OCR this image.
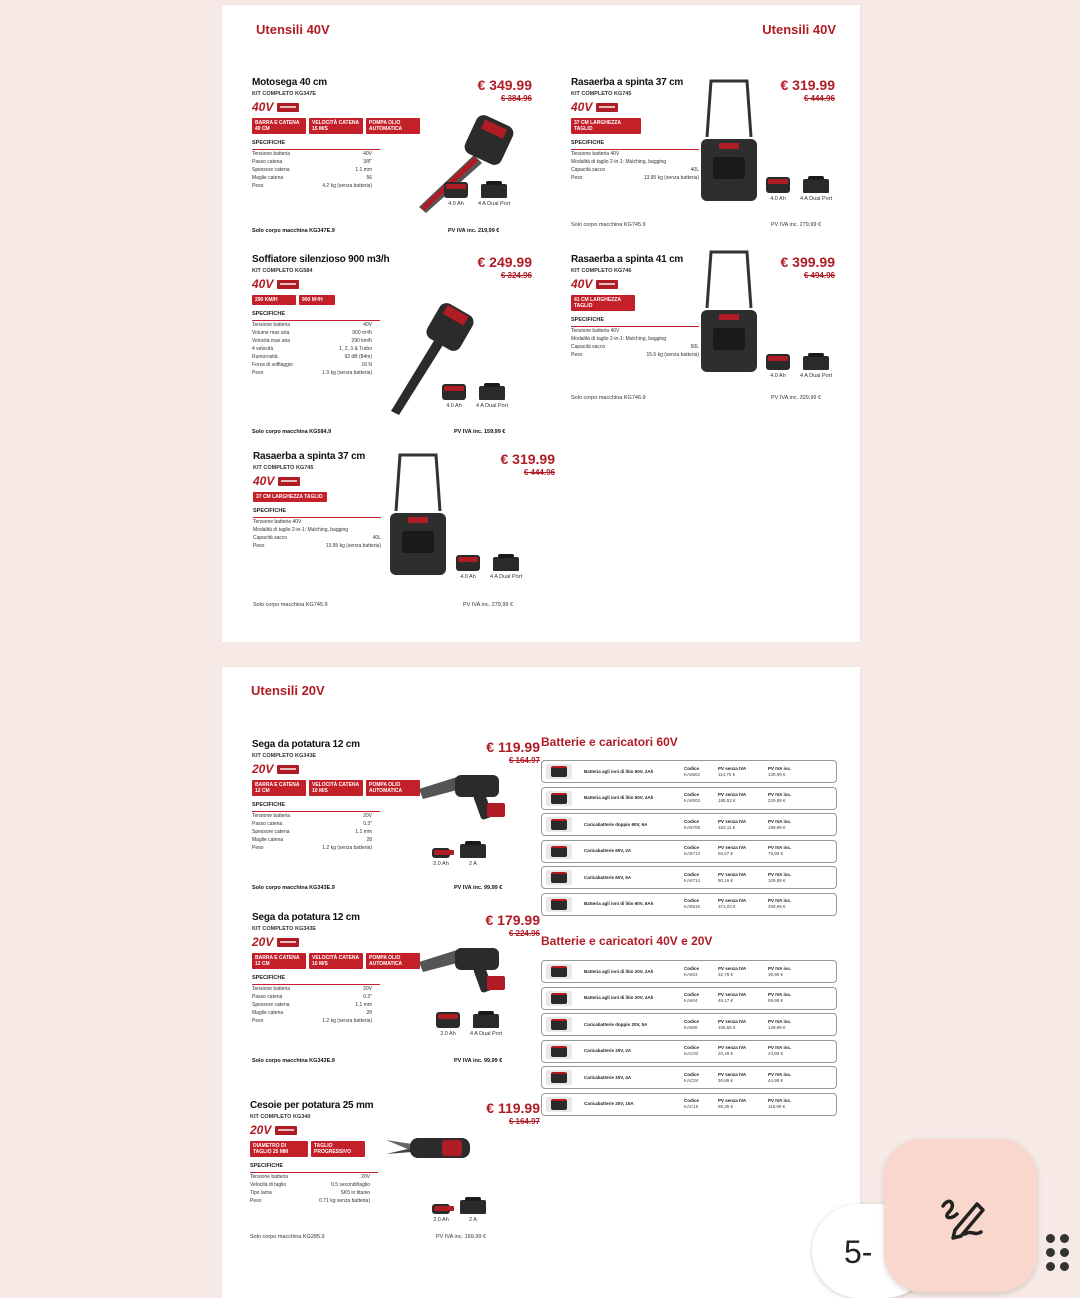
Utensili 40V	Utensili 40V
Motosega 40 cm
KIT COMPLETO KG347E
40V
BARRA E CATENA 40 CM
VELOCITÀ CATENA 15 M/S
POMPA OLIO AUTOMATICA
SPECIFICHE
Tensione batteria	40V
Passo catena	3/8"
Spessore catena	1.1 mm
Maglie catena	56
Peso	4.2 kg (senza batteria)
€ 349.99
€ 384.96
4.0 Ah	4 A Dual Port
Solo corpo macchina KG347E.9	PV IVA inc. 219,99 €
Rasaerba a spinta 37 cm
KIT COMPLETO KG745
40V
37 CM LARGHEZZA TAGLIO
SPECIFICHE
Tensione batteria 40V
Modalità di taglio 2-in-1: Mulching, bagging
Capacità sacco	40L
Peso	13.95 kg (senza batteria)
€ 319.99
€ 444.96
4.0 Ah	4 A Dual Port
Solo corpo macchina KG745.9	PV IVA inc. 279,99 €
Soffiatore silenzioso 900 m3/h
KIT COMPLETO KG584
40V
290 KM/H	900 M³/H
SPECIFICHE
Tensione batteria	40V
Volume max aria	900 m³/h
Velocità max aria	290 km/h
4 velocità	1, 2, 3 & Turbo
Rumorosità	92 dB (84m)
Forza di soffiaggio	16 N
Peso	1.9 kg (senza batteria)
€ 249.99
€ 324.96
4.0 Ah	4 A Dual Port
Solo corpo macchina KG584.9	PV IVA inc. 159,99 €
Rasaerba a spinta 41 cm
KIT COMPLETO KG746
40V
41 CM LARGHEZZA TAGLIO
SPECIFICHE
Tensione batteria 40V
Modalità di taglio 2-in-1: Mulching, bagging
Capacità sacco	50L
Peso	15.6 kg (senza batteria)
€ 399.99
€ 494.96
4.0 Ah	4 A Dual Port
Solo corpo macchina KG746.9	PV IVA inc. 329,99 €
Rasaerba a spinta 37 cm
KIT COMPLETO KG745
40V
37 CM LARGHEZZA TAGLIO
SPECIFICHE
Tensione batteria 40V
Modalità di taglio 2-in-1: Mulching, bagging
Capacità sacco	40L
Peso	13.95 kg (senza batteria)
€ 319.99
€ 444.96
4.0 Ah	4 A Dual Port
Solo corpo macchina KG745.9	PV IVA inc. 279,99 €
Utensili 20V
Sega da potatura 12 cm
KIT COMPLETO KG343E
20V
BARRA E CATENA 12 CM
VELOCITÀ CATENA 10 M/S
POMPA OLIO AUTOMATICA
SPECIFICHE
Tensione batteria	20V
Passo catena	0.3"
Spessore catena	1.1 mm
Maglie catena	28
Peso	1.2 kg (senza batteria)
€ 119.99
€ 164.97
2.0 Ah	2 A
Solo corpo macchina KG343E.9	PV IVA inc. 99,99 €
Sega da potatura 12 cm
KIT COMPLETO KG343E
20V
BARRA E CATENA 12 CM
VELOCITÀ CATENA 10 M/S
POMPA OLIO AUTOMATICA
SPECIFICHE
Tensione batteria	20V
Passo catena	0.3"
Spessore catena	1.1 mm
Maglie catena	28
Peso	1.2 kg (senza batteria)
€ 179.99
€ 224.96
2.0 Ah	4 A Dual Port
Solo corpo macchina KG343E.9	PV IVA inc. 99,99 €
Cesoie per potatura 25 mm
KIT COMPLETO KG340
20V
DIAMETRO DI TAGLIO 25 MM
TAGLIO PROGRESSIVO
SPECIFICHE
Tensione batteria	20V
Velocità di taglio	0.5 secondi/taglio
Tipo lama	SK5 in titanio
Peso	0.71 kg senza batteria)
€ 119.99
€ 164.97
2.0 Ah	2 A
Solo corpo macchina KG285.9	PV IVA inc. 169,99 €
Batterie e caricatori 60V
Batteria agli ioni di litio 60V, 2Ah
Codice
KA6502
PV senza IVA
114,75 €
PV IVA inc.
139,99 €
Batteria agli ioni di litio 60V, 4Ah
Codice
KA6503
PV senza IVA
188,52 €
PV IVA inc.
229,99 €
Caricabatterie doppio 60V, 6A
Codice
KA6708
PV senza IVA
163,11 €
PV IVA inc.
199,99 €
Caricabatterie 60V, 2A
Codice
KA6713
PV senza IVA
65,57 €
PV IVA inc.
79,99 €
Caricabatterie 60V, 5A
Codice
KA6714
PV senza IVA
90,16 €
PV IVA inc.
109,99 €
Batteria agli ioni di litio 60V, 6Ah
Codice
KA6515
PV senza IVA
371,03 €
PV IVA inc.
459,99 €
Batterie e caricatori 40V e 20V
Batteria agli ioni di litio 20V, 2Ah
Codice
KA603
PV senza IVA
32,78 €
PV IVA inc.
39,99 €
Batteria agli ioni di litio 20V, 4Ah
Codice
KA604
PV senza IVA
49,17 €
PV IVA inc.
59,99 €
Caricabatterie doppio 20V, 5A
Codice
KA606
PV senza IVA
106,55 €
PV IVA inc.
129,99 €
Caricabatterie 20V, 2A
Codice
KAC02
PV senza IVA
20,49 €
PV IVA inc.
24,99 €
Caricabatterie 20V, 4A
Codice
KAC04
PV senza IVA
36,88 €
PV IVA inc.
44,99 €
Caricabatterie 20V, 15A
Codice
KAC15
PV senza IVA
98,35 €
PV IVA inc.
119,99 €
5-
